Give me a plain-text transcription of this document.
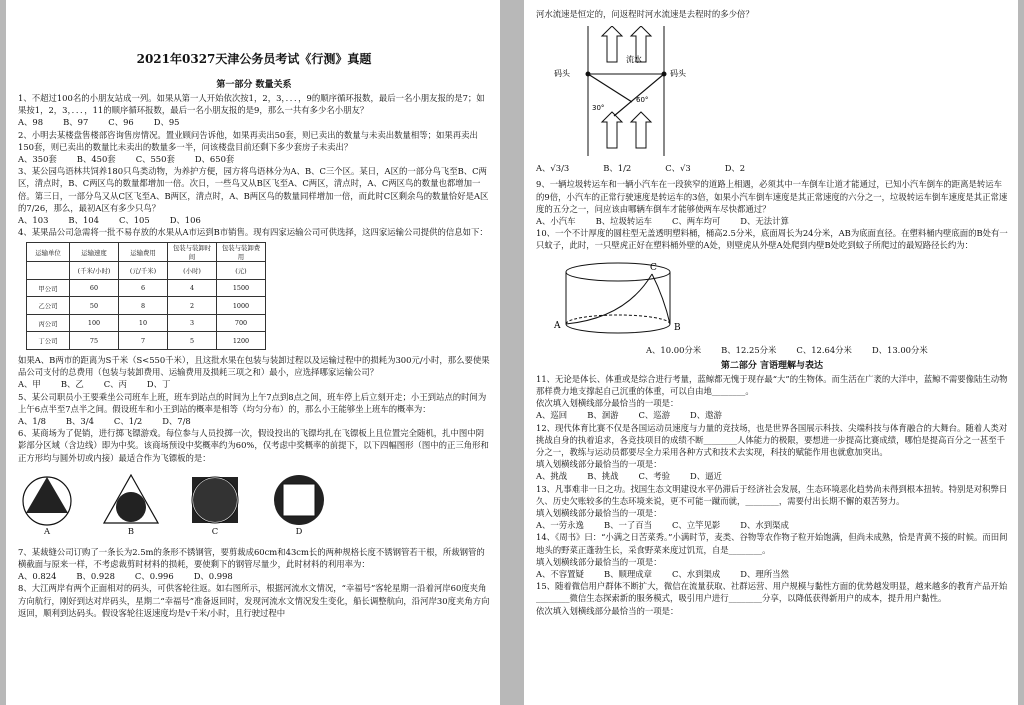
2021年0327天津公务员考试《行测》真题

第一部分 数量关系

1、不超过100名的小朋友站成一列。如果从第一人开始依次按1，2，3，．．．，9的顺序循环报数，最后一名小朋友报的是7；如果按1，2，3，．．．，11的顺序循环报数，最后一名小朋友报的是9，那么一共有多少名小朋友？

A、98 B、97 C、96 D、95

2、小明去某楼盘售楼部咨询售房情况。置业顾问告诉他，如果再卖出50套，则已卖出的数量与未卖出数量相等；如果再卖出150套，则已卖出的数量比未卖出的数量多一半，问该楼盘目前还剩下多少套房子未卖出？

A、350套 B、450套 C、550套 D、650套

3、某公园鸟语林共饲养180只鸟类动物，为养护方便，园方将鸟语林分为A、B、C三个区。某日，A区的一部分鸟飞至B、C两区，清点时，B、C两区鸟的数量都增加一倍。次日，一些鸟又从B区飞至A、C两区，清点时，A、C两区鸟的数量也都增加一倍。第三日，一部分鸟又从C区飞至A、B两区，清点时，A、B两区鸟的数量同样增加一倍，而此时C区剩余鸟的数量恰好是A区的7/26，那么，最初A区有多少只鸟？

A、103 B、104 C、105 D、106

4、某果品公司急需将一批不易存放的水果从A市运到B市销售。现有四家运输公司可供选择，这四家运输公司提供的信息如下：

运输单位	运输速度	运输费用	包装与装卸时间	包装与装卸费用
	(千米/小时)	(元/千米)	(小时)	(元)
甲公司	60	6	4	1500
乙公司	50	8	2	1000
丙公司	100	10	3	700
丁公司	75	7	5	1200

如果A、B两市的距离为S千米（S<550千米），且这批水果在包装与装卸过程以及运输过程中的损耗为300元/小时，那么要使果品公司支付的总费用（包装与装卸费用、运输费用及损耗三项之和）最小，应选择哪家运输公司？

A、甲 B、乙 C、丙 D、丁

5、某公司职员小王要乘坐公司班车上班，班车到站点的时间为上午7点到8点之间，班车停上后立刻开走；小王到站点的时间为上午6点半至7点半之间。假设班车和小王到站的概率是相等（均匀分布）的，那么小王能够坐上班车的概率为：

A、1/8 B、3/4 C、1/2 D、7/8

6、某商场为了促销，进行掷飞镖游戏。每位参与人员投掷一次，假设投出的飞镖均扎在飞镖板上且位置完全随机，扎中图中阴影部分区域（含边线）即为中奖。该商场预设中奖概率约为60%，仅考虑中奖概率的前提下，以下四幅图形（图中的正三角形和正方形均与圆外切或内接）最适合作为飞镖板的是：

A	B	C	D

7、某裁缝公司订购了一条长为2.5m的条形不锈钢管，要剪裁成60cm和43cm长的两种规格长度不锈钢管若干根，所裁钢管的横截面与原来一样，不考虑裁剪时材料的损耗，要使剩下的钢管尽量少，此时材料的利用率为：

A、0.824 B、0.928 C、0.996 D、0.998

8、大江两岸有两个正面相对的码头，可供客轮往返。如右图所示，根据河流水文情况，“幸福号”客轮星期一沿着河岸60度夹角方向航行，刚好到达对岸码头，星期二“幸福号”准备返回时，发现河流水文情况发生变化，船长调整航向，沿河岸30度夹角方向返回，顺利到达码头。假设客轮往返速度均是v千米/小时，且行驶过程中

河水流速是恒定的，问返程时河水流速是去程时的多少倍？

流水
码头	码头
30°
60°
A、√3/3	B、1/2	C、√3	D、2

9、一辆垃圾转运车和一辆小汽车在一段狭窄的道路上相遇，必须其中一车倒车让道才能通过，已知小汽车倒车的距离是转运车的9倍，小汽车的正常行驶速度是转运车的3倍，如果小汽车倒车速度是其正常速度的六分之一，垃圾转运车倒车速度是其正常速度的五分之一，问应该由哪辆车倒车才能够使两车尽快都通过？

A、小汽车 B、垃圾转运车 C、两车均可 D、无法计算

10、一个不计厚度的圆柱型无盖透明塑料桶，桶高2.5分米，底面周长为24分米，AB为底面直径。在塑料桶内壁底面的B处有一只蚊子，此时，一只壁虎正好在塑料桶外壁的A处，则壁虎从外壁A处爬到内壁B处吃到蚊子所爬过的最短路径长约为：

A	B
C
A、10.00分米 B、12.25分米 C、12.64分米 D、13.00分米

第二部分 言语理解与表达

11、无论是体长、体重或是综合进行考量，蓝鲸都无愧于现存最“大”的生物体。而生活在广袤的大洋中，蓝鲸不需要像陆生动物那样费力地支撑起自己沉重的体重，可以自由地________。

依次填入划横线部分最恰当的一项是：

A、巡回 B、洄游 C、巡游 D、遨游

12、现代体育比赛不仅是各国运动员速度与力量的竞技场，也是世界各国展示科技、尖端科技与体育融合的大舞台。随着人类对挑战自身的执着追求，各竞技项目的成绩不断________人体能力的极限，要想进一步提高比赛成绩，哪怕是提高百分之一甚至千分之一，教练与运动员都要尽全力采用各种方式和技术去实现，科技的赋能作用也就愈加突出。

填入划横线部分最恰当的一项是：

A、挑战 B、挑战 C、考验 D、逼近

13、凡事难非一日之功。找国生态文明建设水平仍滞后于经济社会发展，生态环境恶化趋势尚未得到根本扭转。特别是对积弊日久、历史欠账较多的生态环境来说，更不可能一蹴而就，________，需要付出长期不懈的艰苦努力。

填入划横线部分最恰当的一项是：

A、一劳永逸 B、一了百当 C、立竿见影 D、水到渠成

14、《周书》曰：“小满之日苦菜秀。”小满时节，麦类、谷物等农作物子粒开始饱满，但尚未成熟，恰是青黄不接的时候。而田间地头的野菜正蓬勃生长，采食野菜来度过饥荒，自是________。

填入划横线部分最恰当的一项是：

A、不容置疑 B、顺理成章 C、水到渠成 D、理所当然

15、随着微信用户群体不断扩大，微信在流量获取、社群运营、用户规模与黏性方面的优势越发明显，越来越多的教育产品开始________微信生态探索新的服务模式，吸引用户进行________分享，以降低获得新用户的成本，提升用户黏性。

依次填入划横线部分最恰当的一项是：
